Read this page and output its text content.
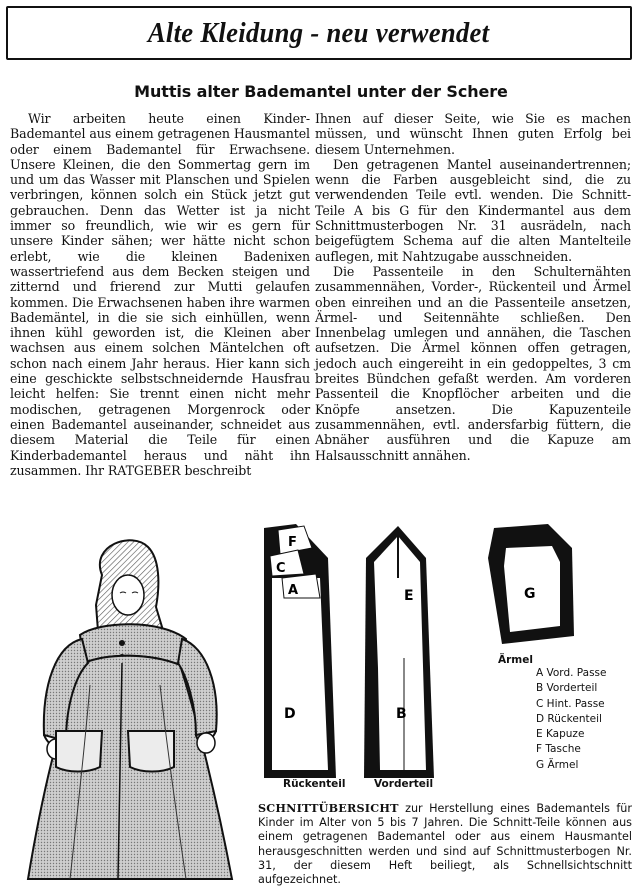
Alte Kleidung - neu verwendet
Muttis alter Bademantel unter der Schere

Wir arbeiten heute einen Kinder-Bademantel aus einem getragenen Hausmantel oder einem Bademantel für Erwachsene. Unsere Kleinen, die den Sommertag gern im und um das Wasser mit Planschen und Spielen verbringen, können solch ein Stück jetzt gut gebrauchen. Denn das Wetter ist ja nicht immer so freundlich, wie wir es gern für unsere Kinder sähen; wer hätte nicht schon erlebt, wie die kleinen Badenixen wassertriefend aus dem Becken steigen und zitternd und frierend zur Mutti gelaufen kommen. Die Erwachsenen haben ihre warmen Bademäntel, in die sie sich einhüllen, wenn ihnen kühl geworden ist, die Kleinen aber wachsen aus einem solchen Mäntelchen oft schon nach einem Jahr heraus. Hier kann sich eine geschickte selbstschneidernde Hausfrau leicht helfen: Sie trennt einen nicht mehr modischen, getragenen Morgenrock oder einen Bademantel auseinander, schneidet aus diesem Material die Teile für einen Kinderbademantel heraus und näht ihn zusammen. Ihr RATGEBER beschreibt

Ihnen auf dieser Seite, wie Sie es machen müssen, und wünscht Ihnen guten Erfolg bei diesem Unternehmen.

Den getragenen Mantel auseinandertrennen; wenn die Farben ausgebleicht sind, die zu verwendenden Teile evtl. wenden. Die Schnitt-Teile A bis G für den Kindermantel aus dem Schnittmusterbogen Nr. 31 ausrädeln, nach beigefügtem Schema auf die alten Mantelteile auflegen, mit Nahtzugabe ausschneiden.

Die Passenteile in den Schulternähten zusammennähen, Vorder-, Rückenteil und Ärmel oben einreihen und an die Passenteile ansetzen, Ärmel- und Seitennähte schließen. Den Innenbelag umlegen und annähen, die Taschen aufsetzen. Die Ärmel können offen getragen, jedoch auch eingereiht in ein gedoppeltes, 3 cm breites Bündchen gefaßt werden. Am vorderen Passenteil die Knopflöcher arbeiten und die Knöpfe ansetzen. Die Kapuzenteile zusammennähen, evtl. andersfarbig füttern, die Abnäher ausführen und die Kapuze am Halsausschnitt annähen.

F
C
A
D
E
B
G
Ärmel
Rückenteil	Vorderteil
A Vord. Passe
B Vorderteil
C Hint. Passe
D Rückenteil
E Kapuze
F Tasche
G Ärmel
SCHNITTÜBERSICHT zur Herstellung eines Bademantels für Kinder im Alter von 5 bis 7 Jahren. Die Schnitt-Teile können aus einem getragenen Bademantel oder aus einem Hausmantel herausgeschnitten werden und sind auf Schnittmusterbogen Nr. 31, der diesem Heft beiliegt, als Schnellsichtschnitt aufgezeichnet.
